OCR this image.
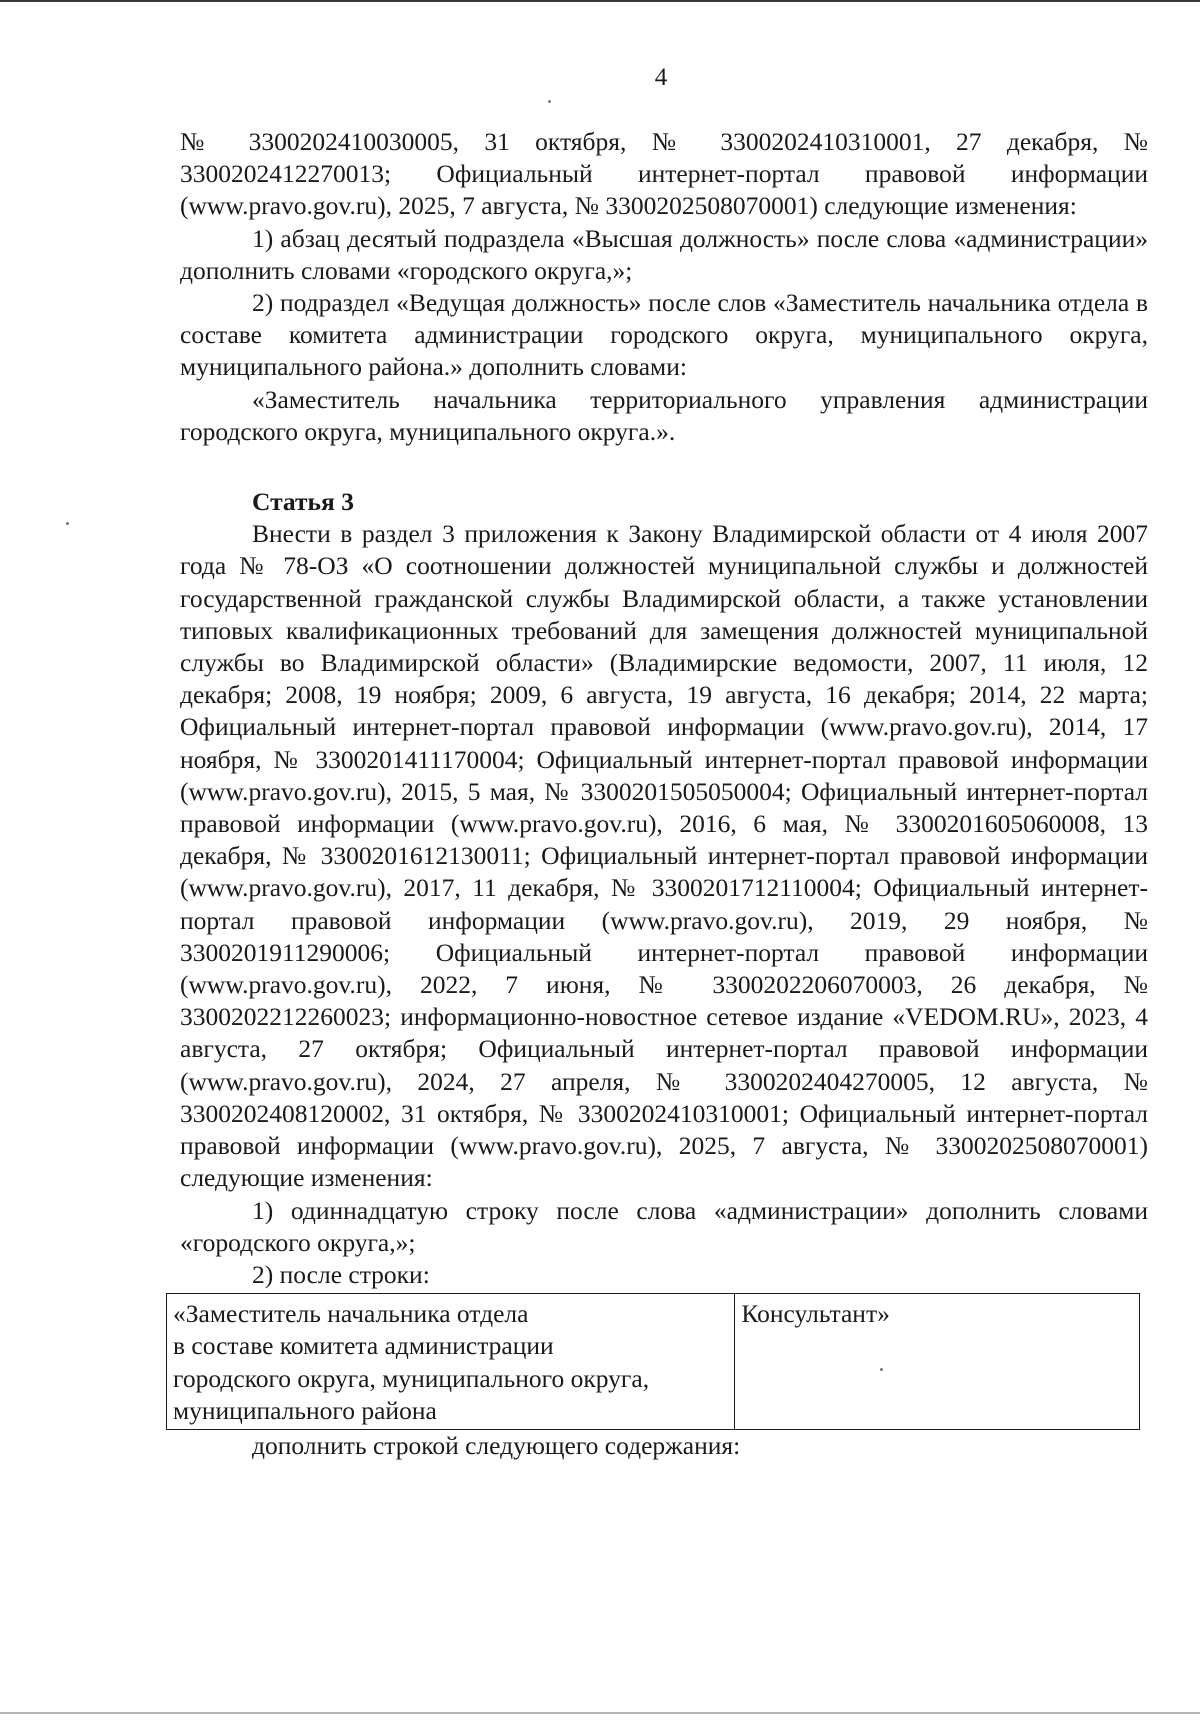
4

№ 3300202410030005, 31 октября, № 3300202410310001, 27 декабря, № 3300202412270013; Официальный интернет-портал правовой информации (www.pravo.gov.ru), 2025, 7 августа, № 3300202508070001) следующие изменения:

1) абзац десятый подраздела «Высшая должность» после слова «администрации» дополнить словами «городского округа,»;

2) подраздел «Ведущая должность» после слов «Заместитель начальника отдела в составе комитета администрации городского округа, муниципального округа, муниципального района.» дополнить словами:

«Заместитель начальника территориального управления администрации городского округа, муниципального округа.».

Статья 3

Внести в раздел 3 приложения к Закону Владимирской области от 4 июля 2007 года № 78-ОЗ «О соотношении должностей муниципальной службы и должностей государственной гражданской службы Владимирской области, а также установлении типовых квалификационных требований для замещения должностей муниципальной службы во Владимирской области» (Владимирские ведомости, 2007, 11 июля, 12 декабря; 2008, 19 ноября; 2009, 6 августа, 19 августа, 16 декабря; 2014, 22 марта; Официальный интернет-портал правовой информации (www.pravo.gov.ru), 2014, 17 ноября, № 3300201411170004; Официальный интернет-портал правовой информации (www.pravo.gov.ru), 2015, 5 мая, № 3300201505050004; Официальный интернет-портал правовой информации (www.pravo.gov.ru), 2016, 6 мая, № 3300201605060008, 13 декабря, № 3300201612130011; Официальный интернет-портал правовой информации (www.pravo.gov.ru), 2017, 11 декабря, № 3300201712110004; Официальный интернет-портал правовой информации (www.pravo.gov.ru), 2019, 29 ноября, № 3300201911290006; Официальный интернет-портал правовой информации (www.pravo.gov.ru), 2022, 7 июня, № 3300202206070003, 26 декабря, № 3300202212260023; информационно-новостное сетевое издание «VEDOM.RU», 2023, 4 августа, 27 октября; Официальный интернет-портал правовой информации (www.pravo.gov.ru), 2024, 27 апреля, № 3300202404270005, 12 августа, № 3300202408120002, 31 октября, № 3300202410310001; Официальный интернет-портал правовой информации (www.pravo.gov.ru), 2025, 7 августа, № 3300202508070001) следующие изменения:

1) одиннадцатую строку после слова «администрации» дополнить словами «городского округа,»;

2) после строки:

«Заместитель начальника отдела
в составе комитета администрации
городского округа, муниципального округа,
муниципального района
	Консультант»

дополнить строкой следующего содержания:
